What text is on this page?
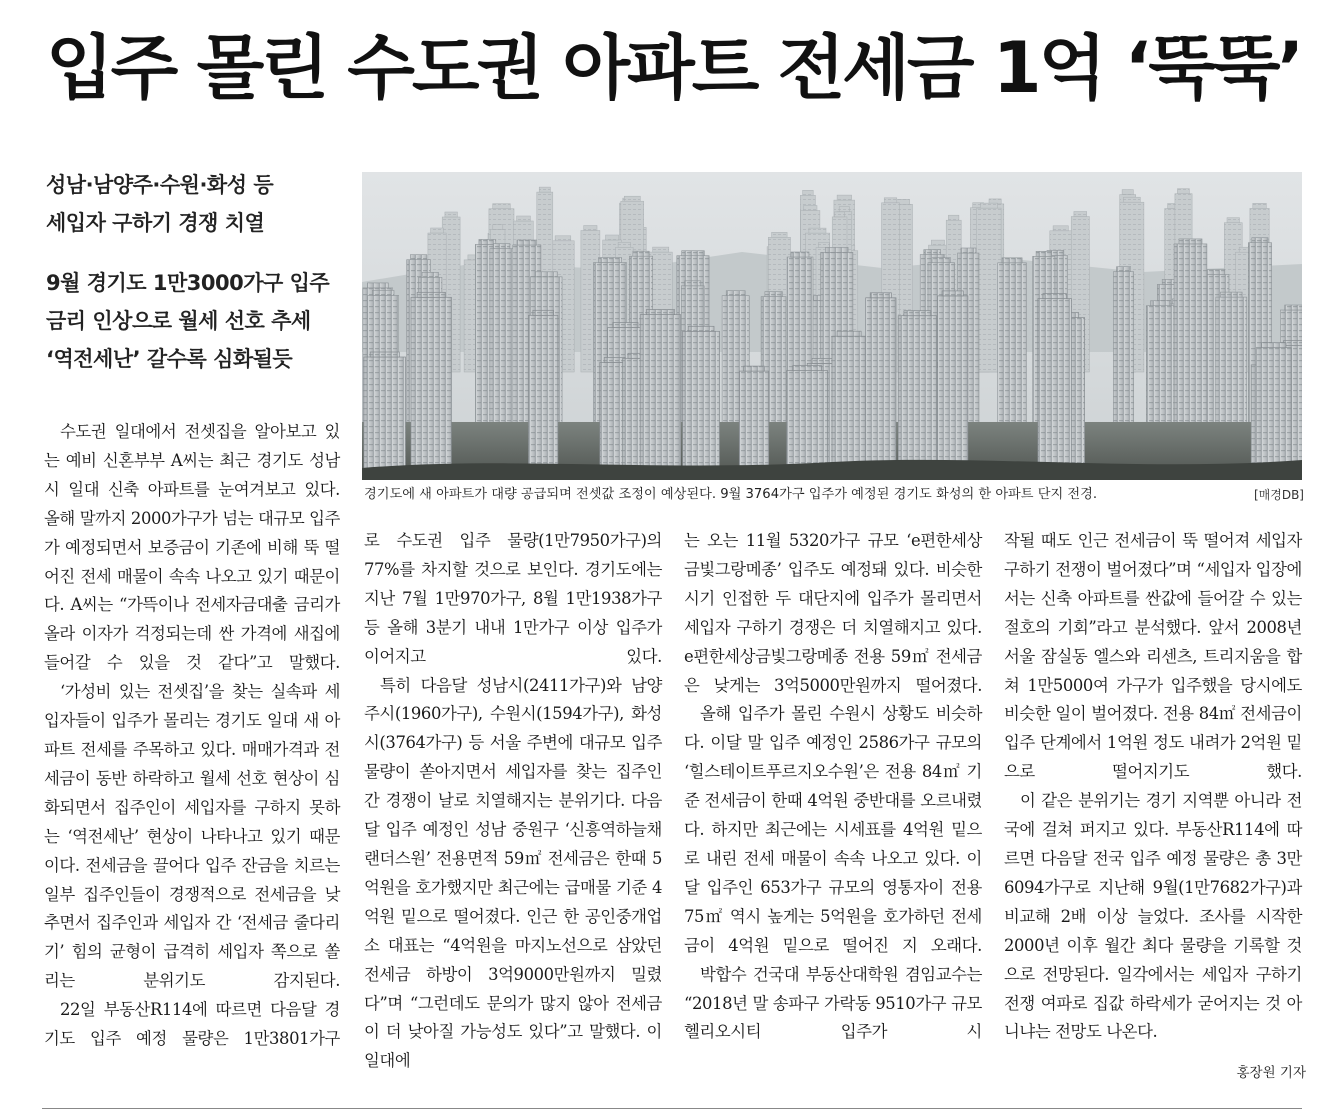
입주 몰린 수도권 아파트 전세금 1억 ‘뚝뚝’
성남·남양주·수원·화성 등
세입자 구하기 경쟁 치열
9월 경기도 1만3000가구 입주
금리 인상으로 월세 선호 추세
‘역전세난’ 갈수록 심화될듯
경기도에 새 아파트가 대량 공급되며 전셋값 조정이 예상된다. 9월 3764가구 입주가 예정된 경기도 화성의 한 아파트 단지 전경.	[매경DB]

수도권 일대에서 전셋집을 알아보고 있는 예비 신혼부부 A씨는 최근 경기도 성남시 일대 신축 아파트를 눈여겨보고 있다. 올해 말까지 2000가구가 넘는 대규모 입주가 예정되면서 보증금이 기존에 비해 뚝 떨어진 전세 매물이 속속 나오고 있기 때문이다. A씨는 “가뜩이나 전세자금대출 금리가 올라 이자가 걱정되는데 싼 가격에 새집에 들어갈 수 있을 것 같다”고 말했다.

‘가성비 있는 전셋집’을 찾는 실속파 세입자들이 입주가 몰리는 경기도 일대 새 아파트 전세를 주목하고 있다. 매매가격과 전세금이 동반 하락하고 월세 선호 현상이 심화되면서 집주인이 세입자를 구하지 못하는 ‘역전세난’ 현상이 나타나고 있기 때문이다. 전세금을 끌어다 입주 잔금을 치르는 일부 집주인들이 경쟁적으로 전세금을 낮추면서 집주인과 세입자 간 ‘전세금 줄다리기’ 힘의 균형이 급격히 세입자 쪽으로 쏠리는 분위기도 감지된다.

22일 부동산R114에 따르면 다음달 경기도 입주 예정 물량은 1만3801가구

로 수도권 입주 물량(1만7950가구)의 77%를 차지할 것으로 보인다. 경기도에는 지난 7월 1만970가구, 8월 1만1938가구 등 올해 3분기 내내 1만가구 이상 입주가 이어지고 있다.

특히 다음달 성남시(2411가구)와 남양주시(1960가구), 수원시(1594가구), 화성시(3764가구) 등 서울 주변에 대규모 입주 물량이 쏟아지면서 세입자를 찾는 집주인 간 경쟁이 날로 치열해지는 분위기다. 다음달 입주 예정인 성남 중원구 ‘신흥역하늘채랜더스원’ 전용면적 59㎡ 전세금은 한때 5억원을 호가했지만 최근에는 급매물 기준 4억원 밑으로 떨어졌다. 인근 한 공인중개업소 대표는 “4억원을 마지노선으로 삼았던 전세금 하방이 3억9000만원까지 밀렸다”며 “그런데도 문의가 많지 않아 전세금이 더 낮아질 가능성도 있다”고 말했다. 이 일대에

는 오는 11월 5320가구 규모 ‘e편한세상금빛그랑메종’ 입주도 예정돼 있다. 비슷한 시기 인접한 두 대단지에 입주가 몰리면서 세입자 구하기 경쟁은 더 치열해지고 있다. e편한세상금빛그랑메종 전용 59㎡ 전세금은 낮게는 3억5000만원까지 떨어졌다.

올해 입주가 몰린 수원시 상황도 비슷하다. 이달 말 입주 예정인 2586가구 규모의 ‘힐스테이트푸르지오수원’은 전용 84㎡ 기준 전세금이 한때 4억원 중반대를 오르내렸다. 하지만 최근에는 시세표를 4억원 밑으로 내린 전세 매물이 속속 나오고 있다. 이달 입주인 653가구 규모의 영통자이 전용 75㎡ 역시 높게는 5억원을 호가하던 전세금이 4억원 밑으로 떨어진 지 오래다.

박합수 건국대 부동산대학원 겸임교수는 “2018년 말 송파구 가락동 9510가구 규모 헬리오시티 입주가 시

작될 때도 인근 전세금이 뚝 떨어져 세입자 구하기 전쟁이 벌어졌다”며 “세입자 입장에서는 신축 아파트를 싼값에 들어갈 수 있는 절호의 기회”라고 분석했다. 앞서 2008년 서울 잠실동 엘스와 리센츠, 트리지움을 합쳐 1만5000여 가구가 입주했을 당시에도 비슷한 일이 벌어졌다. 전용 84㎡ 전세금이 입주 단계에서 1억원 정도 내려가 2억원 밑으로 떨어지기도 했다.

이 같은 분위기는 경기 지역뿐 아니라 전국에 걸쳐 퍼지고 있다. 부동산R114에 따르면 다음달 전국 입주 예정 물량은 총 3만6094가구로 지난해 9월(1만7682가구)과 비교해 2배 이상 늘었다. 조사를 시작한 2000년 이후 월간 최다 물량을 기록할 것으로 전망된다. 일각에서는 세입자 구하기 전쟁 여파로 집값 하락세가 굳어지는 것 아니냐는 전망도 나온다.

홍장원 기자
